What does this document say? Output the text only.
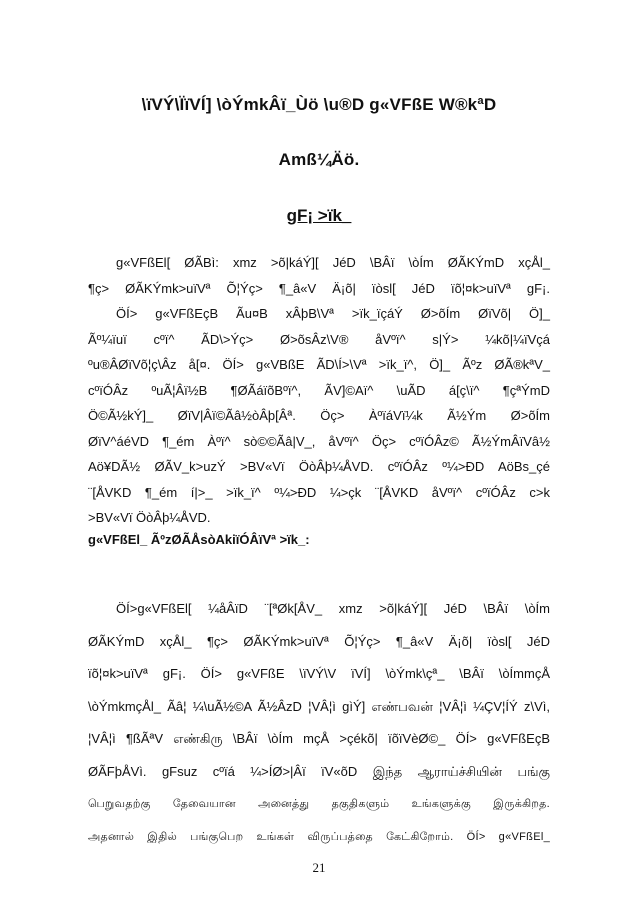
\ïVÝ\ÏïVÍ] \òÝmkÂï_Ùö \u®D g«VFßE W®kªD
Amß¼Äö.
gF¡ >ïk_
g«VFßEl[ ØÃBì: xmz >õ|káÝ][ JéD \BÂï \òÍm ØÃKÝmD xçÅl_
¶ç> ØÃKÝmk>uïVª Õ¦Ýç> ¶_â«V Ä¡õ| ïòsl[ JéD ïõ¦¤k>uïVª gF¡.
ÖÍ> g«VFßEçB Ãu¤B xÂþB\Vª >ïk_ïçáÝ Ø>õÍm ØïVõ| Ö]_
Ãº¼ïuï cºï^ ÃD\>Ýç> Ø>õsÂz\V® åVºï^ s|Ý> ¼kõ|¼ïVçá
ºu®ÂØïVõ¦ç\Âz å[¤. ÖÍ> g«VBßE ÃD\Í>\Vª >ïk_ï^, Ö]_ Ãºz ØÃ®kªV_
cºïÓÂz ºuÃ¦Âï½B ¶ØÃáïõBºï^, ÃV]©Aï^ \uÃD á[ç\ï^ ¶çªÝmD
Ö©Ã½kÝ]_ ØïV|Âï©Ãâ½òÂþ[Âª. Öç> ÀºïáVï¼k Ã½Ým Ø>õÍm
ØïV^áéVD ¶_ém Àºï^ sò©©Ãâ|V_, åVºï^ Öç> cºïÓÂz© Ã½ÝmÂïVâ½
Aö¥DÃ½ ØÃV_k>uzÝ >BV«Vï ÖòÂþ¼ÅVD. cºïÓÂz º¼>ÐD AöBs_çé
¨[ÅVKD ¶_ém í|>_ >ïk_ï^ º¼>ÐD ¼>çk ¨[ÅVKD åVºï^ cºïÓÂz c>k
>BV«Vï ÖòÂþ¼ÅVD.
g«VFßEl_ ÃºzØÃÅsòAkiïÓÂïVª >ïk_:
ÖÍ>g«VFßEl[ ¼åÂïD ¨[ªØk[ÅV_ xmz >õ|káÝ][ JéD \BÂï \òÍm
ØÃKÝmD xçÅl_ ¶ç> ØÃKÝmk>uïVª Õ¦Ýç> ¶_â«V Ä¡õ| ïòsl[ JéD
ïõ¦¤k>uïVª gF¡. ÖÍ> g«VFßE \ïVÝ\V ïVÍ] \òÝmk\çª_ \BÂï \òÍmmçÅ
\òÝmkmçÅl_ Ãâ¦ ¼\uÃ½©A Ã½ÂzD ¦VÂ¦ì gìÝ] எண்பவன் ¦VÂ¦ì ¼ÇV¦ÍÝ z\Vì,
¦VÂ¦ì ¶ßÃªV எண்கிரு \BÂï \òÍm mçÅ >çékõ| ïõïVèØ©_ ÖÍ> g«VFßEçB
ØÃFþÅVì. gFsuz cºïá ¼>ÍØ>|Âï ïV«õD இந்த ஆராய்ச்சியின் பங்கு
பெறுவதற்கு தேவையான அனைத்து தகுதிகளும் உங்களுக்கு இருக்கிறத.
அதனால் இதில் பங்குபெற உங்கள் விருப்பத்தை கேட்கிறோம். ÖÍ> g«VFßEl_
21
